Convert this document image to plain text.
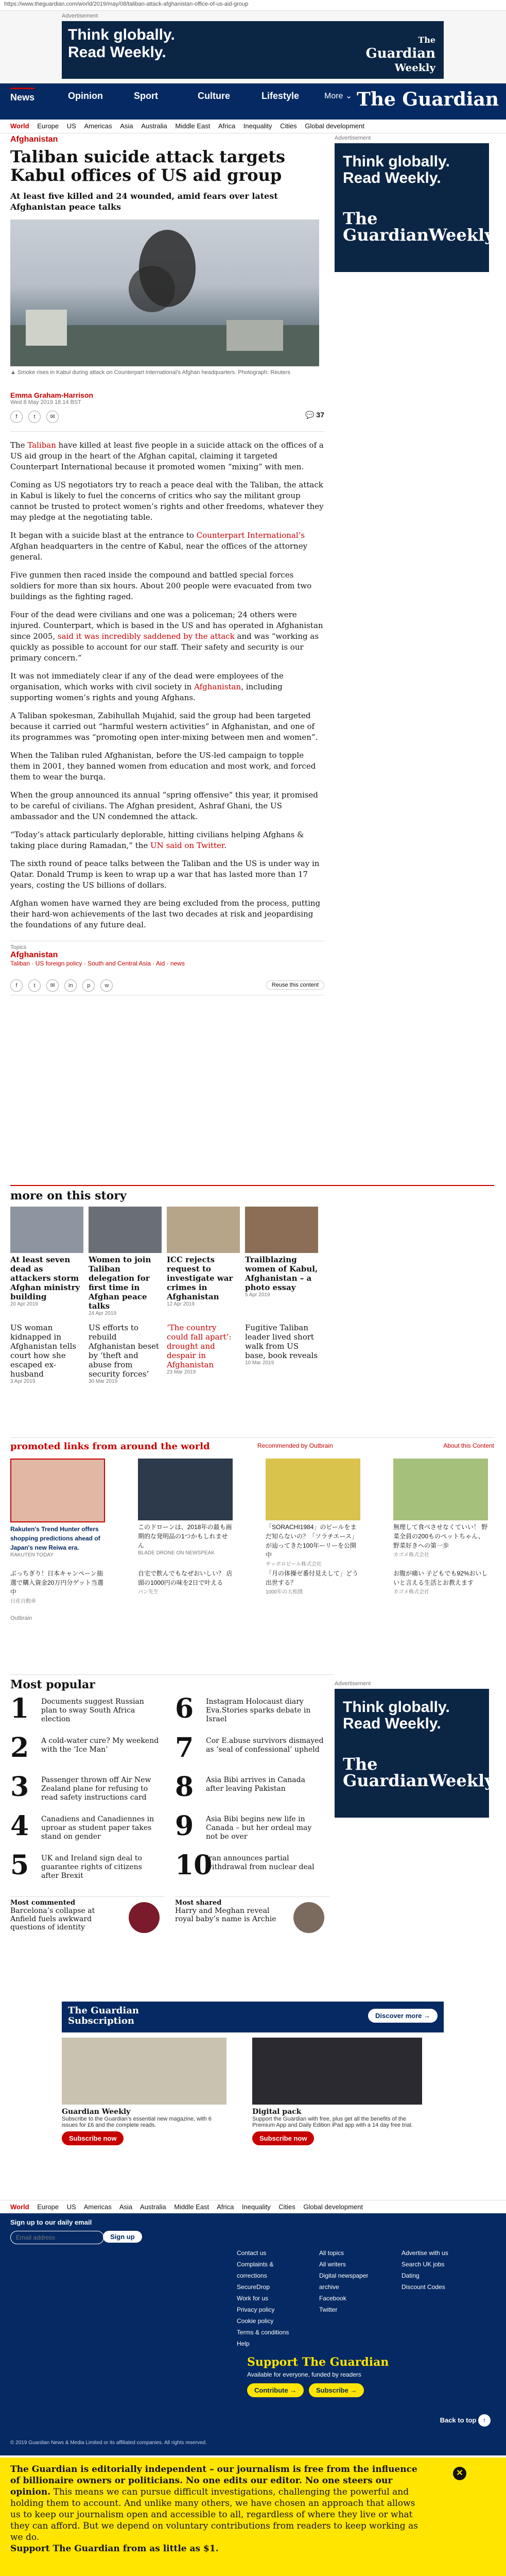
https://www.theguardian.com/world/2019/may/08/taliban-attack-afghanistan-office-of-us-aid-group
Advertisement
Think globally.
Read Weekly.
The
Guardian
Weekly
News	Opinion	Sport	Culture	Lifestyle	More ⌄ The Guardian
World Europe US Americas Asia Australia Middle East Africa Inequality Cities Global development
Afghanistan
Taliban suicide attack targets Kabul offices of US aid group
At least five killed and 24 wounded, amid fears over latest Afghanistan peace talks
▲ Smoke rises in Kabul during attack on Counterpart International’s Afghan headquarters. Photograph: Reuters
Emma Graham-Harrison
Wed 8 May 2019 18.14 BST
f	t	✉	💬 37

The Taliban have killed at least five people in a suicide attack on the offices of a US aid group in the heart of the Afghan capital, claiming it targeted Counterpart International because it promoted women “mixing” with men.

Coming as US negotiators try to reach a peace deal with the Taliban, the attack in Kabul is likely to fuel the concerns of critics who say the militant group cannot be trusted to protect women’s rights and other freedoms, whatever they may pledge at the negotiating table.

It began with a suicide blast at the entrance to Counterpart International’s Afghan headquarters in the centre of Kabul, near the offices of the attorney general.

Five gunmen then raced inside the compound and battled special forces soldiers for more than six hours. About 200 people were evacuated from two buildings as the fighting raged.

Four of the dead were civilians and one was a policeman; 24 others were injured. Counterpart, which is based in the US and has operated in Afghanistan since 2005, said it was incredibly saddened by the attack and was “working as quickly as possible to account for our staff. Their safety and security is our primary concern.”

It was not immediately clear if any of the dead were employees of the organisation, which works with civil society in Afghanistan, including supporting women’s rights and young Afghans.

A Taliban spokesman, Zabihullah Mujahid, said the group had been targeted because it carried out “harmful western activities” in Afghanistan, and one of its programmes was “promoting open inter-mixing between men and women”.

When the Taliban ruled Afghanistan, before the US-led campaign to topple them in 2001, they banned women from education and most work, and forced them to wear the burqa.

When the group announced its annual “spring offensive” this year, it promised to be careful of civilians. The Afghan president, Ashraf Ghani, the US ambassador and the UN condemned the attack.

“Today’s attack particularly deplorable, hitting civilians helping Afghans & taking place during Ramadan,” the UN said on Twitter.

The sixth round of peace talks between the Taliban and the US is under way in Qatar. Donald Trump is keen to wrap up a war that has lasted more than 17 years, costing the US billions of dollars.

Afghan women have warned they are being excluded from the process, putting their hard-won achievements of the last two decades at risk and jeopardising the foundations of any future deal.

Topics
Afghanistan
Taliban · US foreign policy · South and Central Asia · Aid · news
f	t	✉ in	p	w	Reuse this content
Advertisement
Think globally.
Read Weekly.
The
GuardianWeekly
more on this story
At least seven dead as attackers storm Afghan ministry building
20 Apr 2019
Women to join Taliban delegation for first time in Afghan peace talks
24 Apr 2019
ICC rejects request to investigate war crimes in Afghanistan
12 Apr 2019
Trailblazing women of Kabul, Afghanistan – a photo essay
5 Apr 2019
US woman kidnapped in Afghanistan tells court how she escaped ex-husband
3 Apr 2019
US efforts to rebuild Afghanistan beset by ‘theft and abuse from security forces’
30 Mar 2019
‘The country could fall apart’: drought and despair in Afghanistan
23 Mar 2019
Fugitive Taliban leader lived short walk from US base, book reveals
10 Mar 2019
promoted links from around the world	Recommended by Outbrain	About this Content
Rakuten's Trend Hunter offers shopping predictions ahead of Japan's new Reiwa era.
RAKUTEN TODAY
このドローンは、2018年の最も画期的な発明品の1つかもしれません
BLADE DRONE ON NEWSPEAK
「SORACHI1984」のビールをまだ知らないの？「ソラチエース」が辿ってきた100年ーリーを公開中
サッポロビール株式会社
無理して食べさせなくていい！ 野菜全員の200ものペットちゃん、野菜好きへの第一歩
カゴメ株式会社
ぶっちぎり！日本キャンペーン抽選で購入資金20万円分ゲット当選中
日産自動車
自宅で飲んでもなぜおいしい？ 店頭の1000円の味を2日で叶える
パン先生
「月の体操ゼ番付見えして」どう出世する？
1000年の大相撲
お腹が痛い 子どもでも92%おいしいと言える生活とお教えます
カゴメ株式会社
Outbrain
Most popular
1 Documents suggest Russian plan to sway South Africa election
2 A cold-water cure? My weekend with the ‘Ice Man’
3 Passenger thrown off Air New Zealand plane for refusing to read safety instructions card
4 Canadiens and Canadiennes in uproar as student paper takes stand on gender
5 UK and Ireland sign deal to guarantee rights of citizens after Brexit
6 Instagram Holocaust diary Eva.Stories sparks debate in Israel
7 Cor E.abuse survivors dismayed as ‘seal of confessional’ upheld
8 Asia Bibi arrives in Canada after leaving Pakistan
9 Asia Bibi begins new life in Canada – but her ordeal may not be over
10
Iran announces partial withdrawal from nuclear deal
Most commented
Barcelona’s collapse at Anfield fuels awkward questions of identity
Most shared
Harry and Meghan reveal royal baby’s name is Archie
Advertisement
Think globally.
Read Weekly.
The
GuardianWeekly
The Guardian Subscription	Discover more →
Guardian Weekly
Subscribe to the Guardian’s essential new magazine, with 6 issues for £6 and the complete reads.
Subscribe now
Digital pack
Support the Guardian with free, plus get all the benefits of the Premium App and Daily Edition iPad app with a 14 day free trial.
Subscribe now
World Europe US Americas Asia Australia Middle East Africa Inequality Cities Global development
Sign up to our daily email
Email address
Sign up
Contact us
Complaints & corrections
SecureDrop
Work for us
Privacy policy
Cookie policy
Terms & conditions
Help
All topics
All writers
Digital newspaper archive
Facebook
Twitter
Advertise with us
Search UK jobs
Dating
Discount Codes
Support The Guardian
Available for everyone, funded by readers
Contribute →	Subscribe →
Back to top ↑
© 2019 Guardian News & Media Limited or its affiliated companies. All rights reserved.
The Guardian is editorially independent – our journalism is free from the influence of billionaire owners or politicians. No one edits our editor. No one steers our opinion. This means we can pursue difficult investigations, challenging the powerful and holding them to account. And unlike many others, we have chosen an approach that allows us to keep our journalism open and accessible to all, regardless of where they live or what they can afford. But we depend on voluntary contributions from readers to keep working as we do.
Support The Guardian from as little as $1.
✕
